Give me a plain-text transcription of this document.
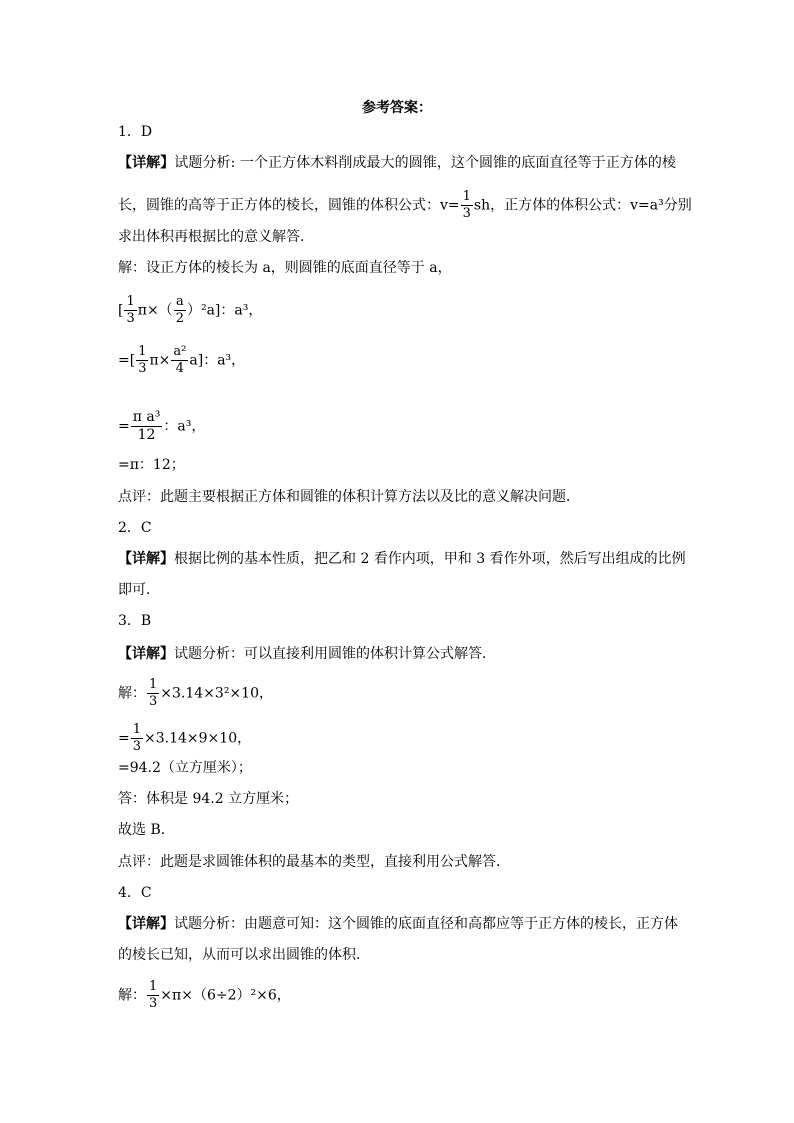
参考答案：
1．D
【详解】试题分析: 一个正方体木料削成最大的圆锥，这个圆锥的底面直径等于正方体的棱
长，圆锥的高等于正方体的棱长，圆锥的体积公式：$v= \frac{1}{3}$ sh，正方体的体积公式：v=a³分别
求出体积再根据比的意义解答．
解：设正方体的棱长为 a，则圆锥的底面直径等于 a，
[ $\frac{1}{3} \pi\times( \frac{a}{2} )^2a$]：a³，
=[ $\frac{1}{3} \pi\times \frac{\text{a²}}{4} a$]：a³，
= $\frac{\text{π a³}}{12}$ ：a³，
=π：12；
点评：此题主要根据正方体和圆锥的体积计算方法以及比的意义解决问题．
2．C
【详解】根据比例的基本性质，把乙和 2 看作内项，甲和 3 看作外项，然后写出组成的比例
即可．
3．B
【详解】试题分析：可以直接利用圆锥的体积计算公式解答．
解： $\frac{1}{3} \times 3.14\times 3^2\times 10$，
= $\frac{1}{3} \times 3.14\times 9\times 10$，
=94.2（立方厘米）；
答：体积是 94.2 立方厘米；
故选 B．
点评：此题是求圆锥体积的最基本的类型，直接利用公式解答．
4．C
【详解】试题分析：由题意可知：这个圆锥的底面直径和高都应等于正方体的棱长，正方体
的棱长已知，从而可以求出圆锥的体积．
解： $\frac{1}{3} \times\pi\times(6\div 2)^2\times 6$，
